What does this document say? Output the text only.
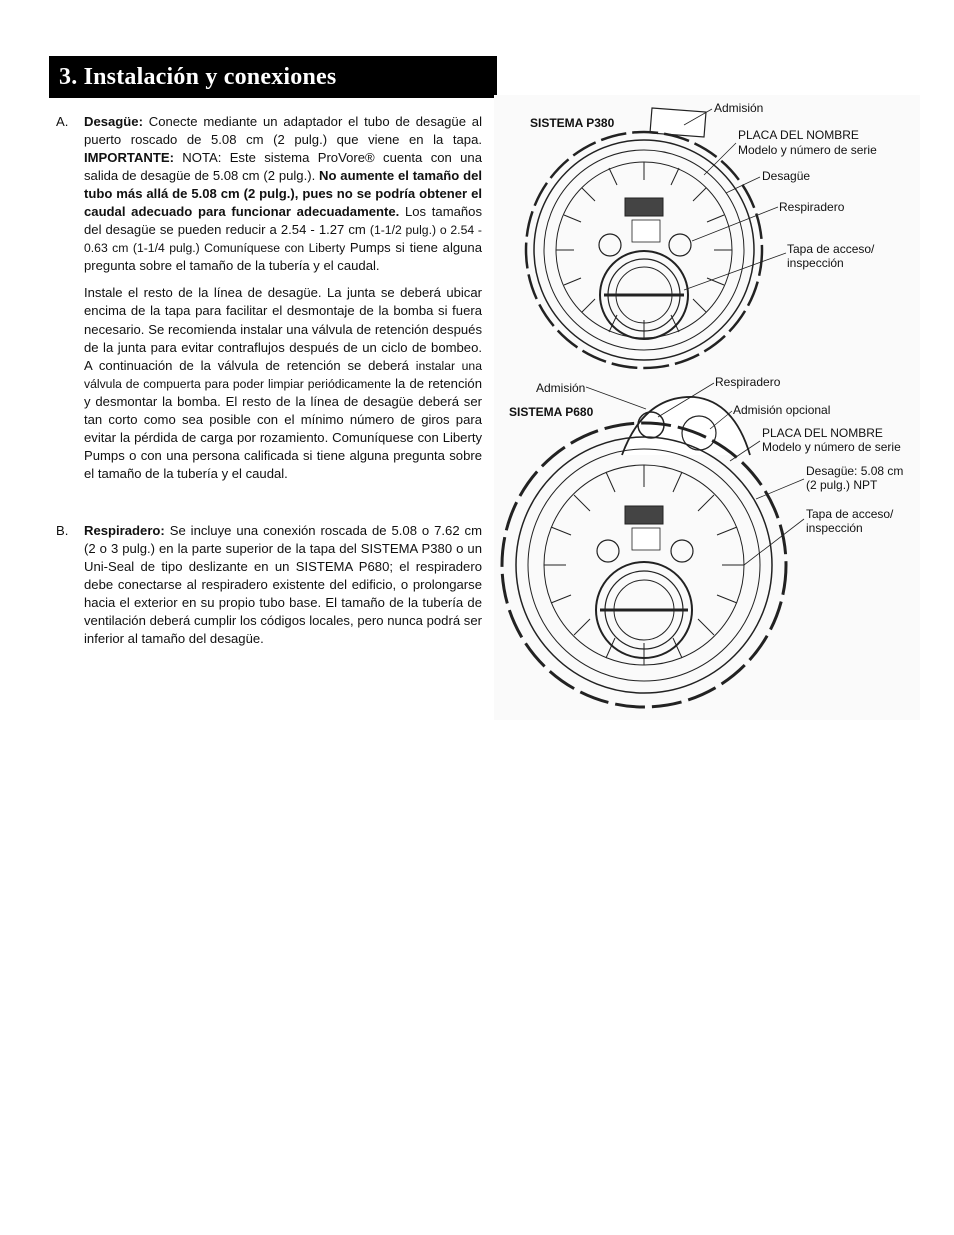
3. Instalación y conexiones
A. Desagüe: Conecte mediante un adaptador el tubo de desagüe al puerto roscado de 5.08 cm (2 pulg.) que viene en la tapa. IMPORTANTE: NOTA: Este sistema ProVore® cuenta con una salida de desagüe de 5.08 cm (2 pulg.). No aumente el tamaño del tubo más allá de 5.08 cm (2 pulg.), pues no se podría obtener el caudal adecuado para funcionar adecuadamente. Los tamaños del desagüe se pueden reducir a 2.54 - 1.27 cm (1-1/2 pulg.) o 2.54 - 0.63 cm (1-1/4 pulg.) Comuníquese con Liberty Pumps si tiene alguna pregunta sobre el tamaño de la tubería y el caudal.

Instale el resto de la línea de desagüe. La junta se deberá ubicar encima de la tapa para facilitar el desmontaje de la bomba si fuera necesario. Se recomienda instalar una válvula de retención después de la junta para evitar contraflujos después de un ciclo de bombeo. A continuación de la válvula de retención se deberá instalar una válvula de compuerta para poder limpiar periódicamente la de retención y desmontar la bomba. El resto de la línea de desagüe deberá ser tan corto como sea posible con el mínimo número de giros para evitar la pérdida de carga por rozamiento. Comuníquese con Liberty Pumps o con una persona calificada si tiene alguna pregunta sobre el tamaño de la tubería y el caudal.

B. Respiradero: Se incluye una conexión roscada de 5.08 o 7.62 cm (2 o 3 pulg.) en la parte superior de la tapa del SISTEMA P380 o un Uni-Seal de tipo deslizante en un SISTEMA P680; el respiradero debe conectarse al respiradero existente del edificio, o prolongarse hacia el exterior en su propio tubo base. El tamaño de la tubería de ventilación deberá cumplir los códigos locales, pero nunca podrá ser inferior al tamaño del desagüe.

SISTEMA P380
Admisión
PLACA DEL NOMBRE
Modelo y número de serie
Desagüe
Respiradero
Tapa de acceso/
inspección
SISTEMA P680
Admisión	Respiradero
Admisión opcional
PLACA DEL NOMBRE
Modelo y número de serie
Desagüe: 5.08 cm
(2 pulg.) NPT
Tapa de acceso/
inspección
